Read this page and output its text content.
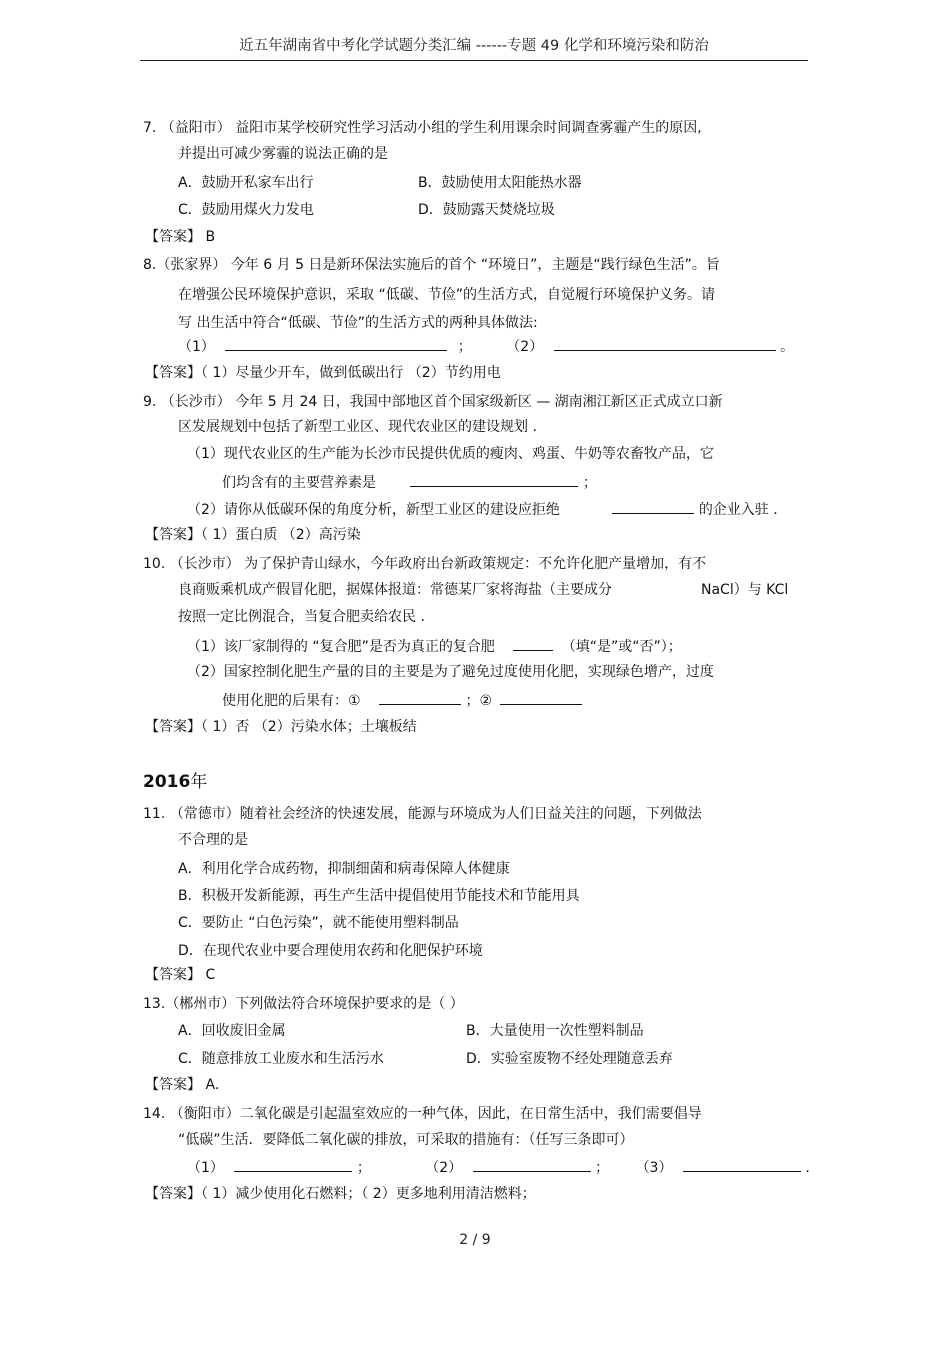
近五年湖南省中考化学试题分类汇编 ------专题 49 化学和环境污染和防治
7. （益阳市） 益阳市某学校研究性学习活动小组的学生利用课余时间调查雾霾产生的原因,
并提出可减少雾霾的说法正确的是
A．鼓励开私家车出行	B．鼓励使用太阳能热水器
C．鼓励用煤火力发电	D．鼓励露天焚烧垃圾
【答案】 B
8.（张家界） 今年 6 月 5 日是新环保法实施后的首个 “环境日”，主题是“践行绿色生活”。旨
在增强公民环境保护意识，采取 “低碳、节俭”的生活方式，自觉履行环境保护义务。请
写 出生活中符合“低碳、节俭”的生活方式的两种具体做法:
（1）	； （2）	。
【答案】（ 1）尽量少开车，做到低碳出行 （2）节约用电
9. （长沙市） 今年 5 月 24 日，我国中部地区首个国家级新区 — 湖南湘江新区正式成立口新
区发展规划中包括了新型工业区、现代农业区的建设规划 .
（1）现代农业区的生产能为长沙市民提供优质的瘦肉、鸡蛋、牛奶等农畜牧产品，它
们均含有的主要营养素是	；
（2）请你从低碳环保的角度分析，新型工业区的建设应拒绝	的企业入驻 .
【答案】（ 1）蛋白质 （2）高污染
10. （长沙市） 为了保护青山绿水，今年政府出台新政策规定：不允许化肥产量增加，有不
良商贩乘机成产假冒化肥，据媒体报道：常德某厂家将海盐（主要成分	NaCl）与 KCl
按照一定比例混合，当复合肥卖给农民 .
（1）该厂家制得的 “复合肥”是否为真正的复合肥	（填“是”或“否”）；
（2）国家控制化肥生产量的目的主要是为了避免过度使用化肥，实现绿色增产，过度
使用化肥的后果有：①	；②
【答案】（ 1）否 （2）污染水体；土壤板结
2016年
11. （常德市）随着社会经济的快速发展，能源与环境成为人们日益关注的问题，下列做法
不合理的是
A．利用化学合成药物，抑制细菌和病毒保障人体健康
B．积极开发新能源，再生产生活中提倡使用节能技术和节能用具
C．要防止 “白色污染”，就不能使用塑料制品
D．在现代农业中要合理使用农药和化肥保护环境
【答案】 C
13.（郴州市）下列做法符合环境保护要求的是（ ）
A．回收废旧金属	B．大量使用一次性塑料制品
C．随意排放工业废水和生活污水	D．实验室废物不经处理随意丢弃
【答案】 A．
14. （衡阳市）二氧化碳是引起温室效应的一种气体，因此，在日常生活中，我们需要倡导
“低碳”生活．要降低二氧化碳的排放，可采取的措施有：（任写三条即可）
（1）	；	（2）	； （3）	.
【答案】（ 1）减少使用化石燃料；（ 2）更多地利用清洁燃料；
2 / 9
